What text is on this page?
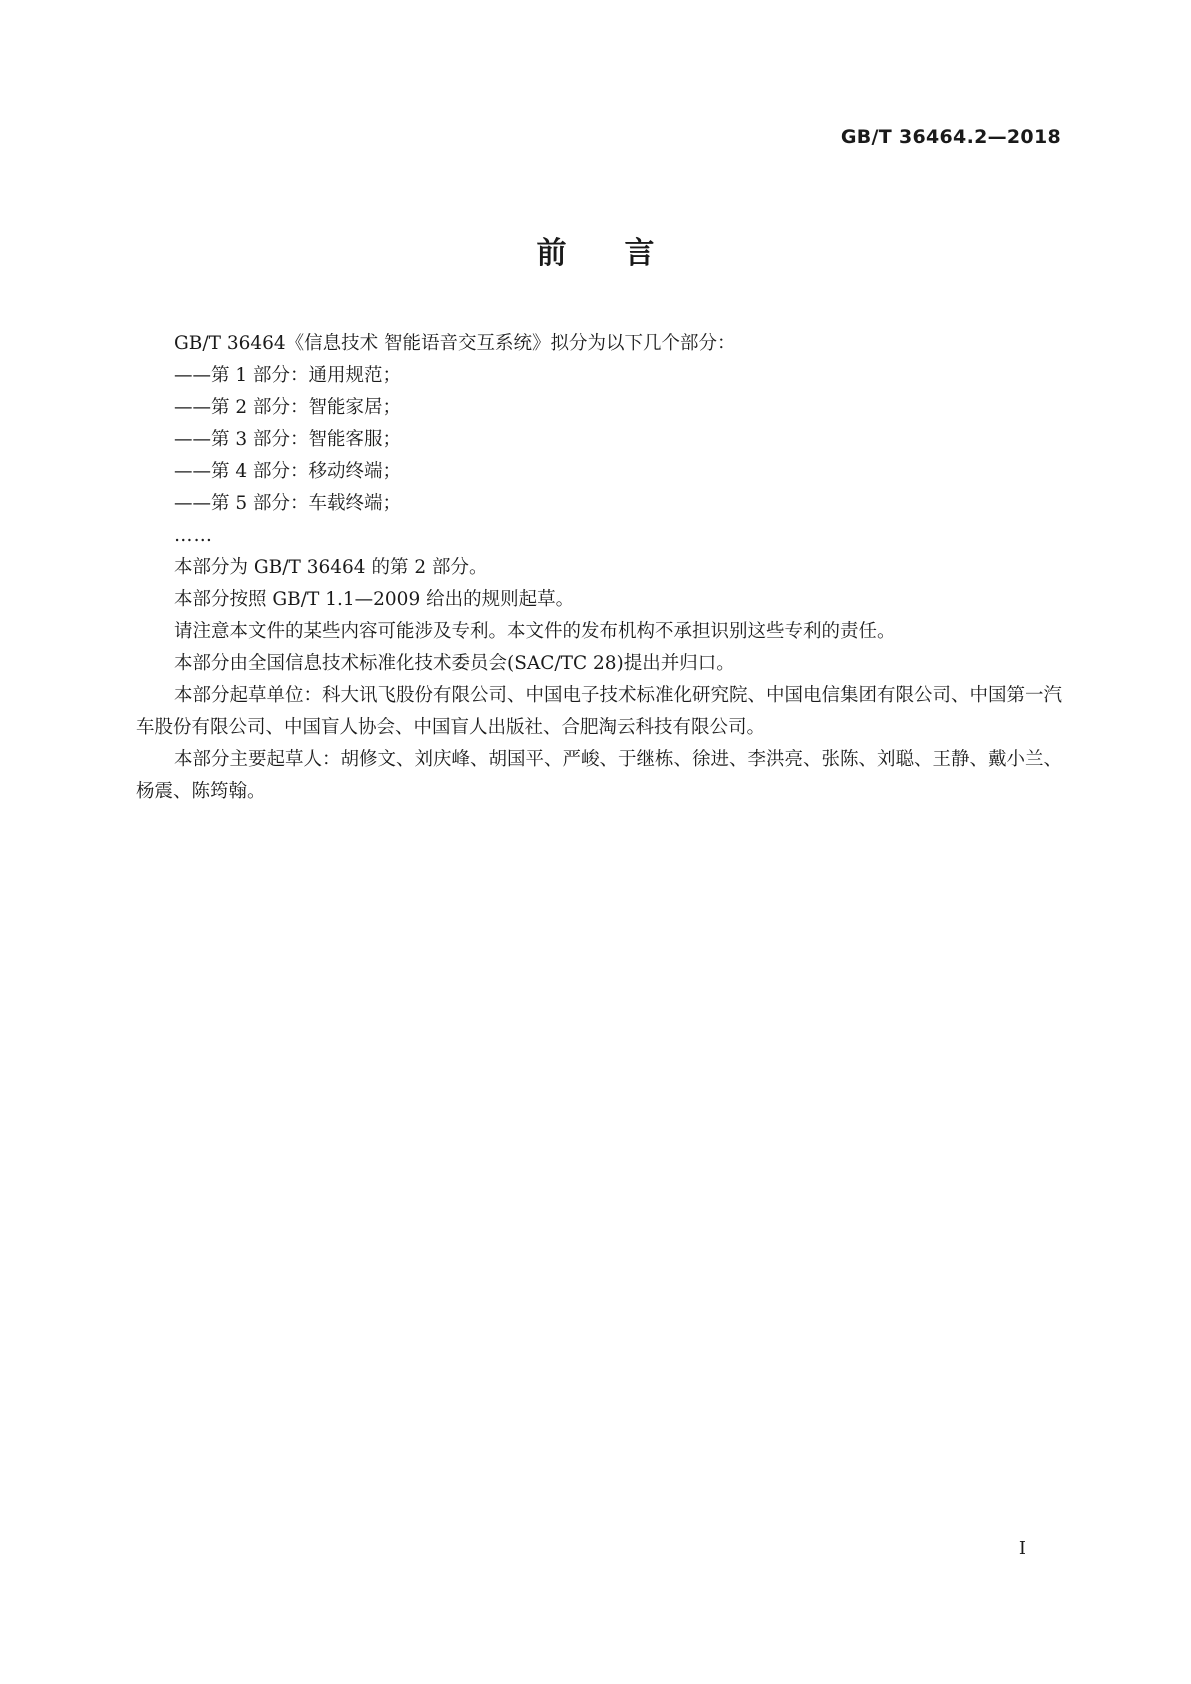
GB/T 36464.2—2018
前言

GB/T 36464《信息技术 智能语音交互系统》拟分为以下几个部分：

——第 1 部分：通用规范；

——第 2 部分：智能家居；

——第 3 部分：智能客服；

——第 4 部分：移动终端；

——第 5 部分：车载终端；

……

本部分为 GB/T 36464 的第 2 部分。

本部分按照 GB/T 1.1—2009 给出的规则起草。

请注意本文件的某些内容可能涉及专利。本文件的发布机构不承担识别这些专利的责任。

本部分由全国信息技术标准化技术委员会(SAC/TC 28)提出并归口。

本部分起草单位：科大讯飞股份有限公司、中国电子技术标准化研究院、中国电信集团有限公司、中国第一汽车股份有限公司、中国盲人协会、中国盲人出版社、合肥淘云科技有限公司。

本部分主要起草人：胡修文、刘庆峰、胡国平、严峻、于继栋、徐进、李洪亮、张陈、刘聪、王静、戴小兰、杨震、陈筠翰。

I
